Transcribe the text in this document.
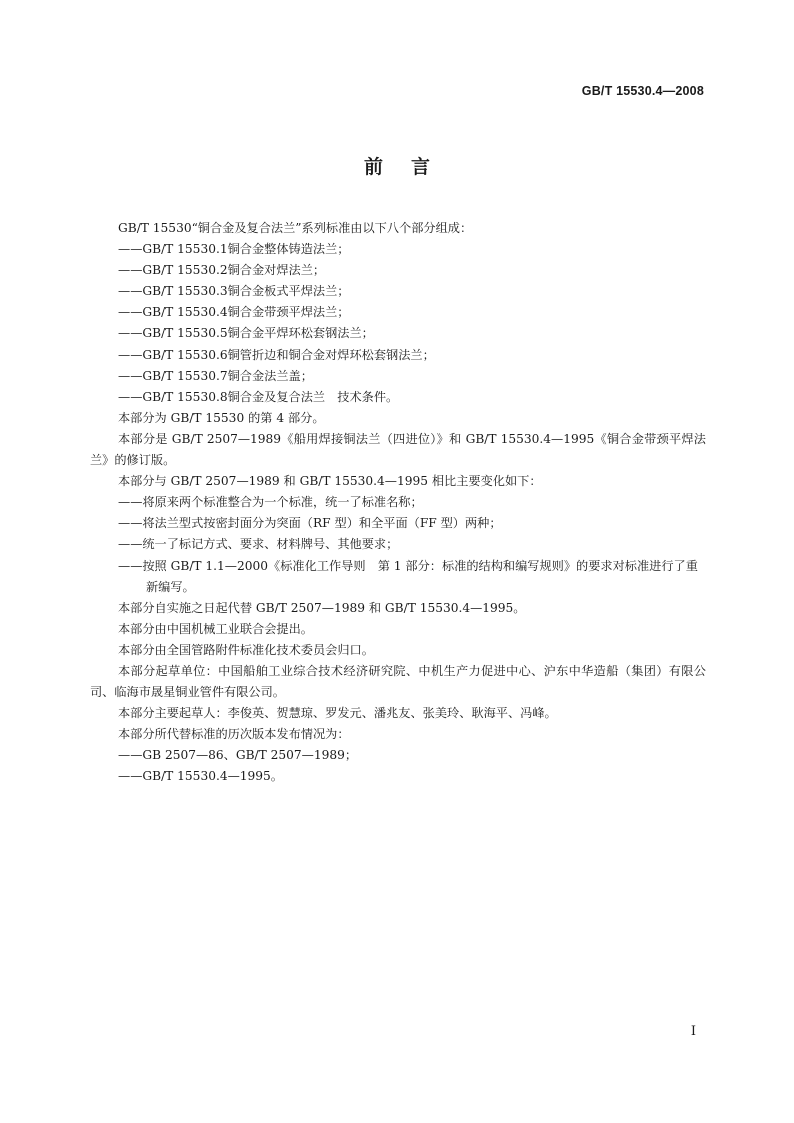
GB/T 15530.4—2008
前言

GB/T 15530“铜合金及复合法兰”系列标准由以下八个部分组成：

——GB/T 15530.1铜合金整体铸造法兰；

——GB/T 15530.2铜合金对焊法兰；

——GB/T 15530.3铜合金板式平焊法兰；

——GB/T 15530.4铜合金带颈平焊法兰；

——GB/T 15530.5铜合金平焊环松套钢法兰；

——GB/T 15530.6铜管折边和铜合金对焊环松套钢法兰；

——GB/T 15530.7铜合金法兰盖；

——GB/T 15530.8铜合金及复合法兰　技术条件。

本部分为 GB/T 15530 的第 4 部分。

本部分是 GB/T 2507—1989《船用焊接铜法兰（四进位）》和 GB/T 15530.4—1995《铜合金带颈平焊法兰》的修订版。

本部分与 GB/T 2507—1989 和 GB/T 15530.4—1995 相比主要变化如下：

——将原来两个标准整合为一个标准，统一了标准名称；

——将法兰型式按密封面分为突面（RF 型）和全平面（FF 型）两种；

——统一了标记方式、要求、材料牌号、其他要求；

——按照 GB/T 1.1—2000《标准化工作导则　第 1 部分：标准的结构和编写规则》的要求对标准进行了重新编写。

本部分自实施之日起代替 GB/T 2507—1989 和 GB/T 15530.4—1995。

本部分由中国机械工业联合会提出。

本部分由全国管路附件标准化技术委员会归口。

本部分起草单位：中国船舶工业综合技术经济研究院、中机生产力促进中心、沪东中华造船（集团）有限公司、临海市晟星铜业管件有限公司。

本部分主要起草人：李俊英、贺慧琼、罗发元、潘兆友、张美玲、耿海平、冯峰。

本部分所代替标准的历次版本发布情况为：

——GB 2507—86、GB/T 2507—1989；

——GB/T 15530.4—1995。

I
